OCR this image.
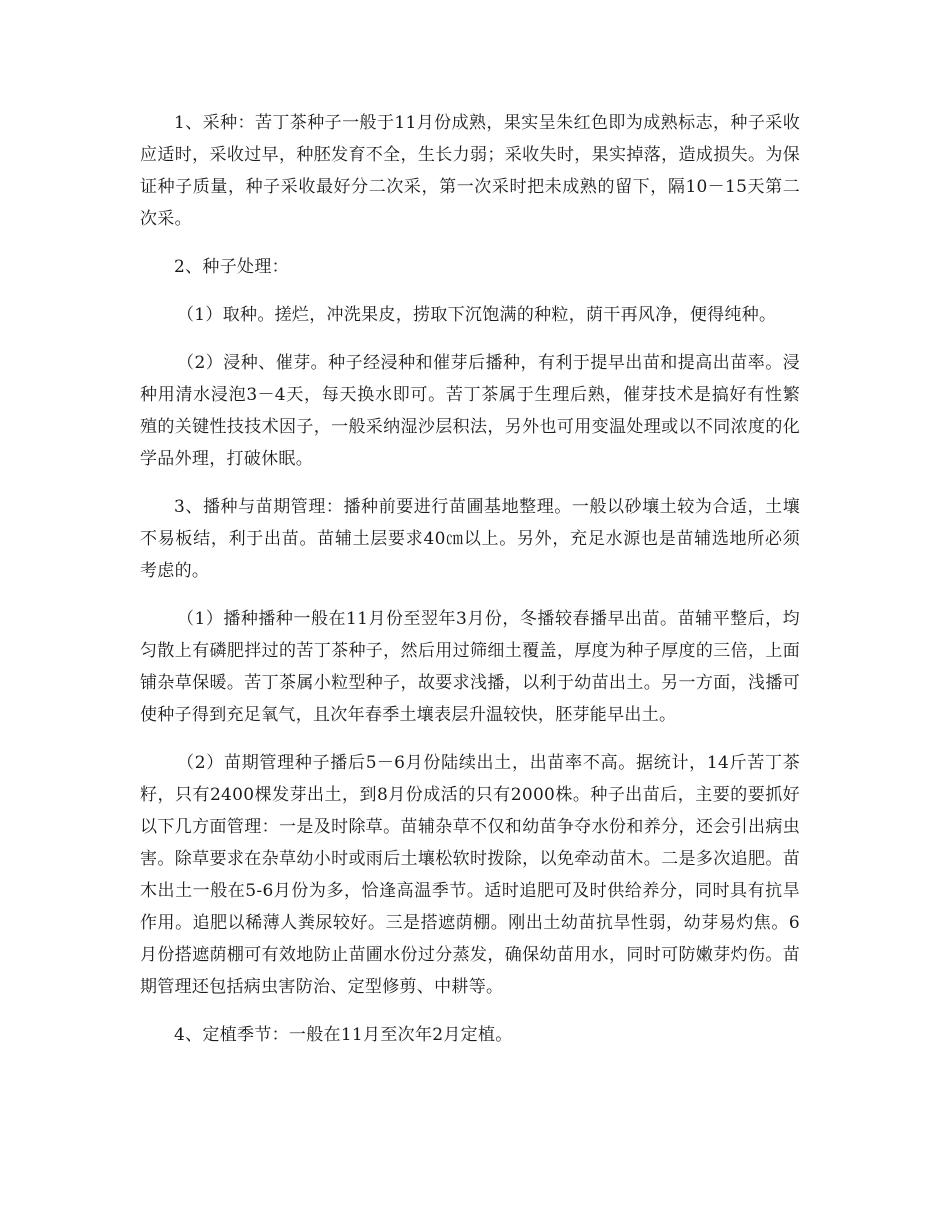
1、采种：苦丁茶种子一般于11月份成熟，果实呈朱红色即为成熟标志，种子采收应适时，采收过早，种胚发育不全，生长力弱；采收失时，果实掉落，造成损失。为保证种子质量，种子采收最好分二次采，第一次采时把未成熟的留下，隔10－15天第二次采。

2、种子处理：

（1）取种。搓烂，冲洗果皮，捞取下沉饱满的种粒，荫干再风净，便得纯种。

（2）浸种、催芽。种子经浸种和催芽后播种，有利于提早出苗和提高出苗率。浸种用清水浸泡3－4天，每天换水即可。苦丁茶属于生理后熟，催芽技术是搞好有性繁殖的关键性技技术因子，一般采纳湿沙层积法，另外也可用变温处理或以不同浓度的化学品外理，打破休眠。

3、播种与苗期管理：播种前要进行苗圃基地整理。一般以砂壤土较为合适，土壤不易板结，利于出苗。苗辅土层要求40㎝以上。另外，充足水源也是苗辅选地所必须考虑的。

（1）播种播种一般在11月份至翌年3月份，冬播较春播早出苗。苗辅平整后，均匀散上有磷肥拌过的苦丁茶种子，然后用过筛细土覆盖，厚度为种子厚度的三倍，上面铺杂草保暖。苦丁茶属小粒型种子，故要求浅播，以利于幼苗出土。另一方面，浅播可使种子得到充足氧气，且次年春季土壤表层升温较快，胚芽能早出土。

（2）苗期管理种子播后5－6月份陆续出土，出苗率不高。据统计，14斤苦丁茶籽，只有2400棵发芽出土，到8月份成活的只有2000株。种子出苗后，主要的要抓好以下几方面管理：一是及时除草。苗辅杂草不仅和幼苗争夺水份和养分，还会引出病虫害。除草要求在杂草幼小时或雨后土壤松软时拨除，以免牵动苗木。二是多次追肥。苗木出土一般在5-6月份为多，恰逢高温季节。适时追肥可及时供给养分，同时具有抗旱作用。追肥以稀薄人粪尿较好。三是搭遮荫棚。刚出土幼苗抗旱性弱，幼芽易灼焦。6月份搭遮荫棚可有效地防止苗圃水份过分蒸发，确保幼苗用水，同时可防嫩芽灼伤。苗期管理还包括病虫害防治、定型修剪、中耕等。

4、定植季节：一般在11月至次年2月定植。
